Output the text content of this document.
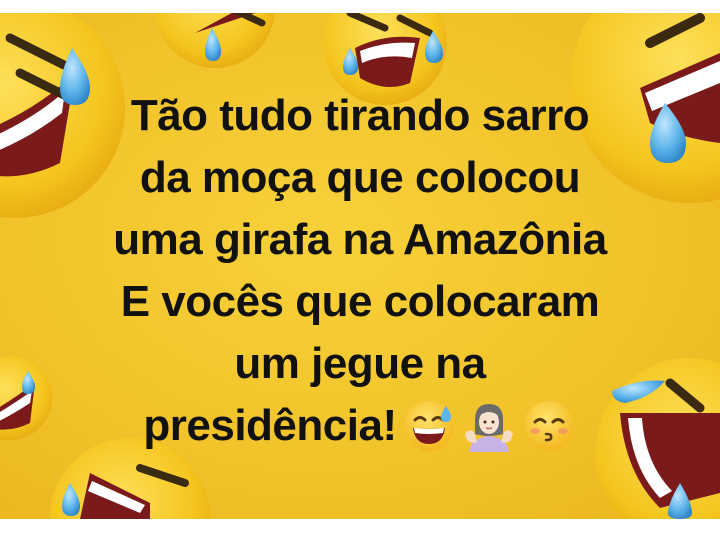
Tão tudo tirando sarro
da moça que colocou
uma girafa na Amazônia
E vocês que colocaram
um jegue na
presidência!
